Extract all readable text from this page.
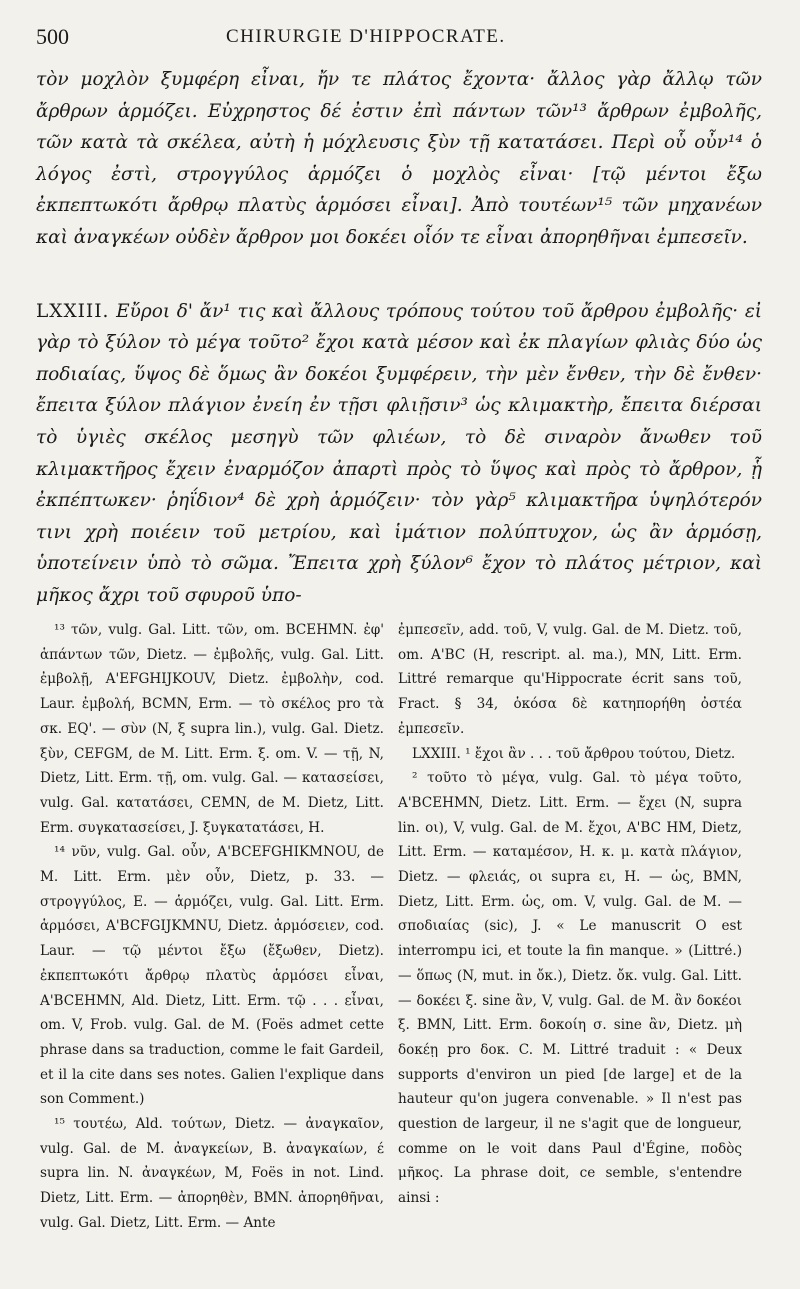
500	CHIRURGIE D'HIPPOCRATE.

τὸν μοχλὸν ξυμφέρη εἶναι, ἤν τε πλάτος ἔχοντα· ἄλλος γὰρ ἄλλῳ τῶν ἄρθρων ἁρμόζει. Εὐχρηστος δέ ἐστιν ἐπὶ πάντων τῶν¹³ ἄρθρων ἐμβολῆς, τῶν κατὰ τὰ σκέλεα, αὐτὴ ἡ μόχλευσις ξὺν τῇ κατατάσει. Περὶ οὗ οὖν¹⁴ ὁ λόγος ἐστὶ, στρογγύλος ἁρμόζει ὁ μοχλὸς εἶναι· [τῷ μέντοι ἔξω ἐκπεπτωκότι ἄρθρῳ πλατὺς ἁρμόσει εἶναι]. Ἀπὸ τουτέων¹⁵ τῶν μηχανέων καὶ ἀναγκέων οὐδὲν ἄρθρον μοι δοκέει οἷόν τε εἶναι ἀπορηθῆναι ἐμπεσεῖν.

LXXIII. Εὔροι δ' ἄν¹ τις καὶ ἄλλους τρόπους τούτου τοῦ ἄρθρου ἐμβολῆς· εἰ γὰρ τὸ ξύλον τὸ μέγα τοῦτο² ἔχοι κατὰ μέσον καὶ ἐκ πλαγίων φλιὰς δύο ὡς ποδιαίας, ὕψος δὲ ὅμως ἂν δοκέοι ξυμφέρειν, τὴν μὲν ἔνθεν, τὴν δὲ ἔνθεν· ἔπειτα ξύλον πλάγιον ἐνείη ἐν τῇσι φλιῇσιν³ ὡς κλιμακτὴρ, ἔπειτα διέρσαι τὸ ὑγιὲς σκέλος μεσηγὺ τῶν φλιέων, τὸ δὲ σιναρὸν ἄνωθεν τοῦ κλιμακτῆρος ἔχειν ἐναρμόζον ἀπαρτὶ πρὸς τὸ ὕψος καὶ πρὸς τὸ ἄρθρον, ᾗ ἐκπέπτωκεν· ῥηΐδιον⁴ δὲ χρὴ ἁρμόζειν· τὸν γὰρ⁵ κλιμακτῆρα ὑψηλότερόν τινι χρὴ ποιέειν τοῦ μετρίου, καὶ ἱμάτιον πολύπτυχον, ὡς ἂν ἁρμόσῃ, ὑποτείνειν ὑπὸ τὸ σῶμα. Ἔπειτα χρὴ ξύλον⁶ ἔχον τὸ πλάτος μέτριον, καὶ μῆκος ἄχρι τοῦ σφυροῦ ὑπο-

¹³ τῶν, vulg. Gal. Litt. τῶν, om. BCEHMN. ἐφ' ἁπάντων τῶν, Dietz. — ἐμβολῆς, vulg. Gal. Litt. ἐμβολῇ, A'EFGHIJKOUV, Dietz. ἐμβολὴν, cod. Laur. ἐμβολή, BCMN, Erm. — τὸ σκέλος pro τὰ σκ. EQ'. — σὺν (N, ξ supra lin.), vulg. Gal. Dietz. ξὺν, CEFGM, de M. Litt. Erm. ξ. om. V. — τῇ, N, Dietz, Litt. Erm. τῇ, om. vulg. Gal. — κατασείσει, vulg. Gal. κατατάσει, CEMN, de M. Dietz, Litt. Erm. συγκατασείσει, J. ξυγκατατάσει, H.

¹⁴ νῦν, vulg. Gal. οὖν, A'BCEFGHIKMNOU, de M. Litt. Erm. μὲν οὖν, Dietz, p. 33. — στρογγύλος, E. — ἁρμόζει, vulg. Gal. Litt. Erm. ἁρμόσει, A'BCFGIJKMNU, Dietz. ἁρμόσειεν, cod. Laur. — τῷ μέντοι ἔξω (ἔξωθεν, Dietz). ἐκπεπτωκότι ἄρθρῳ πλατὺς ἁρμόσει εἶναι, A'BCEHMN, Ald. Dietz, Litt. Erm. τῷ . . . εἶναι, om. V, Frob. vulg. Gal. de M. (Foës admet cette phrase dans sa traduction, comme le fait Gardeil, et il la cite dans ses notes. Galien l'explique dans son Comment.)

¹⁵ τουτέω, Ald. τούτων, Dietz. — ἀναγκαῖον, vulg. Gal. de M. ἀναγκείων, B. ἀναγκαίων, έ supra lin. N. ἀναγκέων, M, Foës in not. Lind. Dietz, Litt. Erm. — ἀπορηθὲν, BMN. ἀπορηθῆναι, vulg. Gal. Dietz, Litt. Erm. — Ante

ἐμπεσεῖν, add. τοῦ, V, vulg. Gal. de M. Dietz. τοῦ, om. A'BC (H, rescript. al. ma.), MN, Litt. Erm. Littré remarque qu'Hippocrate écrit sans τοῦ, Fract. § 34, ὁκόσα δὲ κατηπορήθη ὀστέα ἐμπεσεῖν.

LXXIII. ¹ ἔχοι ἂν . . . τοῦ ἄρθρου τούτου, Dietz.

² τοῦτο τὸ μέγα, vulg. Gal. τὸ μέγα τοῦτο, A'BCEHMN, Dietz. Litt. Erm. — ἔχει (N, supra lin. οι), V, vulg. Gal. de M. ἔχοι, A'BC HM, Dietz, Litt. Erm. — καταμέσον, H. κ. μ. κατὰ πλάγιον, Dietz. — φλειάς, οι supra ει, H. — ὡς, BMN, Dietz, Litt. Erm. ὡς, om. V, vulg. Gal. de M. — σποδιαίας (sic), J. « Le manuscrit O est interrompu ici, et toute la fin manque. » (Littré.) — ὅπως (N, mut. in ὄκ.), Dietz. ὄκ. vulg. Gal. Litt. — δοκέει ξ. sine ἂν, V, vulg. Gal. de M. ἂν δοκέοι ξ. BMN, Litt. Erm. δοκοίη σ. sine ἂν, Dietz. μὴ δοκέῃ pro δοκ. C. M. Littré traduit : « Deux supports d'environ un pied [de large] et de la hauteur qu'on jugera convenable. » Il n'est pas question de largeur, il ne s'agit que de longueur, comme on le voit dans Paul d'Égine, ποδὸς μῆκος. La phrase doit, ce semble, s'entendre ainsi :
